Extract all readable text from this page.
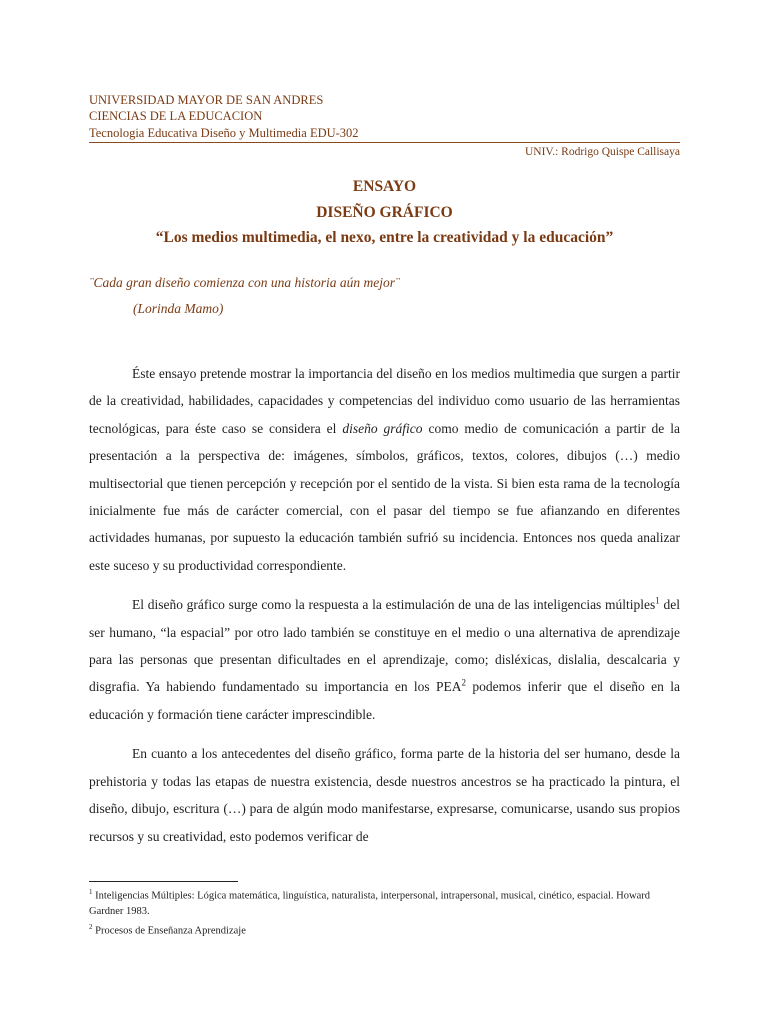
UNIVERSIDAD MAYOR DE SAN ANDRES
CIENCIAS DE LA EDUCACION
Tecnologia Educativa Diseño y Multimedia EDU-302
UNIV.: Rodrigo Quispe Callisaya
ENSAYO
DISEÑO GRÁFICO
“Los medios multimedia, el nexo, entre la creatividad y la educación”
¨Cada gran diseño comienza con una historia aún mejor¨
(Lorinda Mamo)

Éste ensayo pretende mostrar la importancia del diseño en los medios multimedia que surgen a partir de la creatividad, habilidades, capacidades y competencias del individuo como usuario de las herramientas tecnológicas, para éste caso se considera el diseño gráfico como medio de comunicación a partir de la presentación a la perspectiva de: imágenes, símbolos, gráficos, textos, colores, dibujos (…) medio multisectorial que tienen percepción y recepción por el sentido de la vista. Si bien esta rama de la tecnología inicialmente fue más de carácter comercial, con el pasar del tiempo se fue afianzando en diferentes actividades humanas, por supuesto la educación también sufrió su incidencia. Entonces nos queda analizar este suceso y su productividad correspondiente.

El diseño gráfico surge como la respuesta a la estimulación de una de las inteligencias múltiples$^1$ del ser humano, “la espacial” por otro lado también se constituye en el medio o una alternativa de aprendizaje para las personas que presentan dificultades en el aprendizaje, como; disléxicas, dislalia, descalcaria y disgrafia. Ya habiendo fundamentado su importancia en los PEA$^2$ podemos inferir que el diseño en la educación y formación tiene carácter imprescindible.

En cuanto a los antecedentes del diseño gráfico, forma parte de la historia del ser humano, desde la prehistoria y todas las etapas de nuestra existencia, desde nuestros ancestros se ha practicado la pintura, el diseño, dibujo, escritura (…) para de algún modo manifestarse, expresarse, comunicarse, usando sus propios recursos y su creatividad, esto podemos verificar de

$^1$ Inteligencias Múltiples: Lógica matemática, linguística, naturalista, interpersonal, intrapersonal, musical, cinético, espacial. Howard Gardner 1983.
$^2$ Procesos de Enseñanza Aprendizaje
